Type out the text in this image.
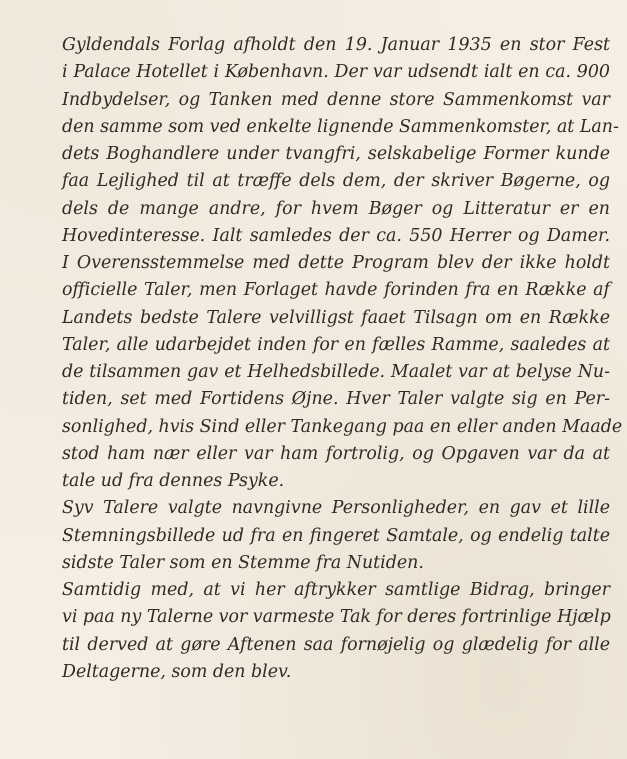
Gyldendals Forlag afholdt den 19. Januar 1935 en stor Fest
i Palace Hotellet i København. Der var udsendt ialt en ca. 900
Indbydelser, og Tanken med denne store Sammenkomst var
den samme som ved enkelte lignende Sammenkomster, at Lan-
dets Boghandlere under tvangfri, selskabelige Former kunde
faa Lejlighed til at træffe dels dem, der skriver Bøgerne, og
dels de mange andre, for hvem Bøger og Litteratur er en
Hovedinteresse. Ialt samledes der ca. 550 Herrer og Damer.
I Overensstemmelse med dette Program blev der ikke holdt
officielle Taler, men Forlaget havde forinden fra en Række af
Landets bedste Talere velvilligst faaet Tilsagn om en Række
Taler, alle udarbejdet inden for en fælles Ramme, saaledes at
de tilsammen gav et Helhedsbillede. Maalet var at belyse Nu-
tiden, set med Fortidens Øjne. Hver Taler valgte sig en Per-
sonlighed, hvis Sind eller Tankegang paa en eller anden Maade
stod ham nær eller var ham fortrolig, og Opgaven var da at
tale ud fra dennes Psyke.
Syv Talere valgte navngivne Personligheder, en gav et lille
Stemningsbillede ud fra en fingeret Samtale, og endelig talte
sidste Taler som en Stemme fra Nutiden.
Samtidig med, at vi her aftrykker samtlige Bidrag, bringer
vi paa ny Talerne vor varmeste Tak for deres fortrinlige Hjælp
til derved at gøre Aftenen saa fornøjelig og glædelig for alle
Deltagerne, som den blev.
